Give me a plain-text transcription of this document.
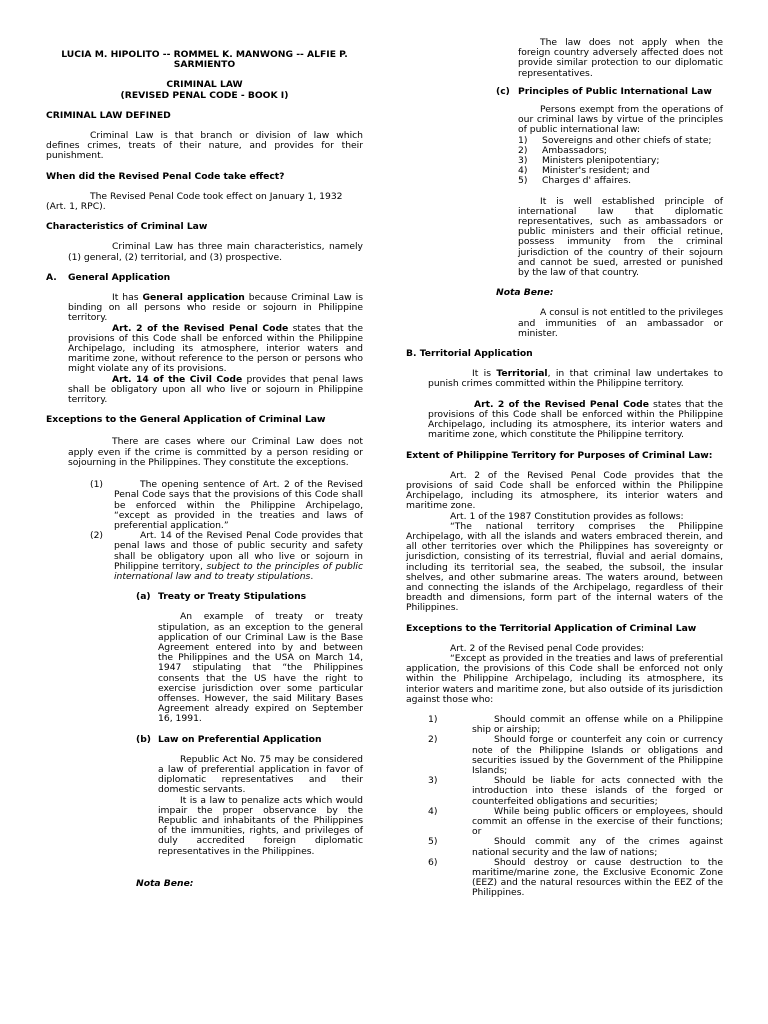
LUCIA M. HIPOLITO -- ROMMEL K. MANWONG -- ALFIE P. SARMIENTO

CRIMINAL LAW

(REVISED PENAL CODE - BOOK I)

CRIMINAL LAW DEFINED

Criminal Law is that branch or division of law which defines crimes, treats of their nature, and provides for their punishment.

When did the Revised Penal Code take effect?

The Revised Penal Code took effect on January 1, 1932 (Art. 1, RPC).

Characteristics of Criminal Law

Criminal Law has three main characteristics, namely (1) general, (2) territorial, and (3) prospective.

A.	General Application

It has General application because Criminal Law is binding on all persons who reside or sojourn in Philippine territory.

Art. 2 of the Revised Penal Code states that the provisions of this Code shall be enforced within the Philippine Archipelago, including its atmosphere, interior waters and maritime zone, without reference to the person or persons who might violate any of its provisions.

Art. 14 of the Civil Code provides that penal laws shall be obligatory upon all who live or sojourn in Philippine territory.

Exceptions to the General Application of Criminal Law

There are cases where our Criminal Law does not apply even if the crime is committed by a person residing or sojourning in the Philippines. They constitute the exceptions.

(1)	The opening sentence of Art. 2 of the Revised Penal Code says that the provisions of this Code shall be enforced within the Philippine Archipelago, “except as provided in the treaties and laws of preferential application.”
(2)	Art. 14 of the Revised Penal Code provides that penal laws and those of public security and safety shall be obligatory upon all who live or sojourn in Philippine territory, subject to the principles of public international law and to treaty stipulations.
(a) Treaty or Treaty Stipulations

An example of treaty or treaty stipulation, as an exception to the general application of our Criminal Law is the Base Agreement entered into by and between the Philippines and the USA on March 14, 1947 stipulating that “the Philippines consents that the US have the right to exercise jurisdiction over some particular offenses. However, the said Military Bases Agreement already expired on September 16, 1991.

(b) Law on Preferential Application

Republic Act No. 75 may be considered a law of preferential application in favor of diplomatic representatives and their domestic servants.

It is a law to penalize acts which would impair the proper observance by the Republic and inhabitants of the Philippines of the immunities, rights, and privileges of duly accredited foreign diplomatic representatives in the Philippines.

Nota Bene:

The law does not apply when the foreign country adversely affected does not provide similar protection to our diplomatic representatives.

(c) Principles of Public International Law

Persons exempt from the operations of our criminal laws by virtue of the principles of public international law:

1)	Sovereigns and other chiefs of state;
2)	Ambassadors;
3)	Ministers plenipotentiary;
4)	Minister's resident; and
5)	Charges d' affaires.

It is well established principle of international law that diplomatic representatives, such as ambassadors or public ministers and their official retinue, possess immunity from the criminal jurisdiction of the country of their sojourn and cannot be sued, arrested or punished by the law of that country.

Nota Bene:

A consul is not entitled to the privileges and immunities of an ambassador or minister.

B. Territorial Application

It is Territorial, in that criminal law undertakes to punish crimes committed within the Philippine territory.

Art. 2 of the Revised Penal Code states that the provisions of this Code shall be enforced within the Philippine Archipelago, including its atmosphere, its interior waters and maritime zone, which constitute the Philippine territory.

Extent of Philippine Territory for Purposes of Criminal Law:

Art. 2 of the Revised Penal Code provides that the provisions of said Code shall be enforced within the Philippine Archipelago, including its atmosphere, its interior waters and maritime zone.

Art. 1 of the 1987 Constitution provides as follows:

“The national territory comprises the Philippine Archipelago, with all the islands and waters embraced therein, and all other territories over which the Philippines has sovereignty or jurisdiction, consisting of its terrestrial, fluvial and aerial domains, including its territorial sea, the seabed, the subsoil, the insular shelves, and other submarine areas. The waters around, between and connecting the islands of the Archipelago, regardless of their breadth and dimensions, form part of the internal waters of the Philippines.

Exceptions to the Territorial Application of Criminal Law

Art. 2 of the Revised penal Code provides:

“Except as provided in the treaties and laws of preferential application, the provisions of this Code shall be enforced not only within the Philippine Archipelago, including its atmosphere, its interior waters and maritime zone, but also outside of its jurisdiction against those who:

1)	Should commit an offense while on a Philippine ship or airship;
2)	Should forge or counterfeit any coin or currency note of the Philippine Islands or obligations and securities issued by the Government of the Philippine Islands;
3)	Should be liable for acts connected with the introduction into these islands of the forged or counterfeited obligations and securities;
4)	While being public officers or employees, should commit an offense in the exercise of their functions; or
5)	Should commit any of the crimes against national security and the law of nations;
6)	Should destroy or cause destruction to the maritime/marine zone, the Exclusive Economic Zone (EEZ) and the natural resources within the EEZ of the Philippines.
